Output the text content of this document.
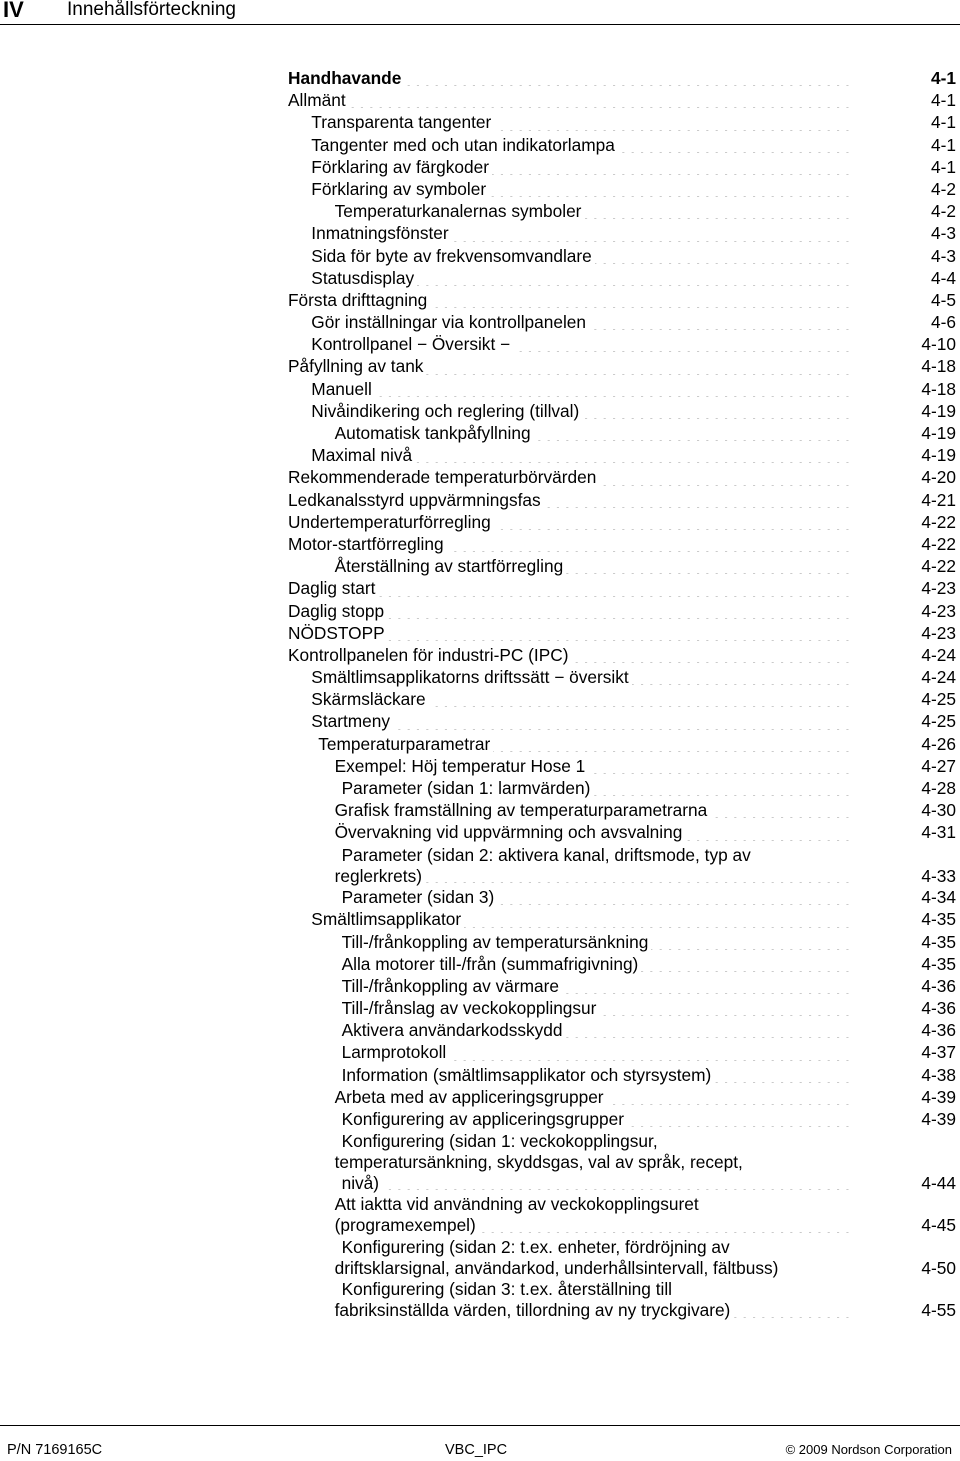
IV Innehållsförteckning
. . .
Handhavande	4-1
. . .
Allmänt	4-1
. . .
Transparenta tangenter	4-1
. . .
Tangenter med och utan indikatorlampa	4-1
. . .
Förklaring av färgkoder	4-1
. . .
Förklaring av symboler	4-2
. . .
Temperaturkanalernas symboler	4-2
. . .
Inmatningsfönster	4-3
. . .
Sida för byte av frekvensomvandlare	4-3
. . .
Statusdisplay	4-4
. . .
Första drifttagning	4-5
. . .
Gör inställningar via kontrollpanelen	4-6
. . .
Kontrollpanel − Översikt −	4-10
. . .
Påfyllning av tank	4-18
. . .
Manuell	4-18
. . .
Nivåindikering och reglering (tillval)	4-19
. . .
Automatisk tankpåfyllning	4-19
. . .
Maximal nivå	4-19
. . .
Rekommenderade temperaturbörvärden	4-20
. . .
Ledkanalsstyrd uppvärmningsfas	4-21
. . .
Undertemperaturförregling	4-22
. . .
Motor-startförregling	4-22
. . .
Återställning av startförregling	4-22
. . .
Daglig start	4-23
. . .
Daglig stopp	4-23
. . .
NÖDSTOPP	4-23
. . .
Kontrollpanelen för industri-PC (IPC)	4-24
. . .
Smältlimsapplikatorns driftssätt − översikt	4-24
. . .
Skärmsläckare	4-25
. . .
Startmeny	4-25
. . .
Temperaturparametrar	4-26
. . .
Exempel: Höj temperatur Hose 1	4-27
. . .
Parameter (sidan 1: larmvärden)	4-28
. . .
Grafisk framställning av temperaturparametrarna	4-30
. . .
Övervakning vid uppvärmning och avsvalning	4-31
Parameter (sidan 2: aktivera kanal, driftsmode, typ av
. . .
reglerkrets)	4-33
. . .
Parameter (sidan 3)	4-34
. . .
Smältlimsapplikator	4-35
. . .
Till-/frånkoppling av temperatursänkning	4-35
. . .
Alla motorer till-/från (summafrigivning)	4-35
. . .
Till-/frånkoppling av värmare	4-36
. . .
Till-/frånslag av veckokopplingsur	4-36
. . .
Aktivera användarkodsskydd	4-36
. . .
Larmprotokoll	4-37
. . .
Information (smältlimsapplikator och styrsystem)	4-38
. . .
Arbeta med av appliceringsgrupper	4-39
. . .
Konfigurering av appliceringsgrupper	4-39
Konfigurering (sidan 1: veckokopplingsur,
temperatursänkning, skyddsgas, val av språk, recept,
. . .
nivå)	4-44
Att iaktta vid användning av veckokopplingsuret
. . .
(programexempel)	4-45
Konfigurering (sidan 2: t.ex. enheter, fördröjning av
driftsklarsignal, användarkod, underhållsintervall, fältbuss)	4-50
Konfigurering (sidan 3: t.ex. återställning till
. . .
fabriksinställda värden, tillordning av ny tryckgivare)	4-55
P/N 7169165C	VBC_IPC	© 2009 Nordson Corporation
